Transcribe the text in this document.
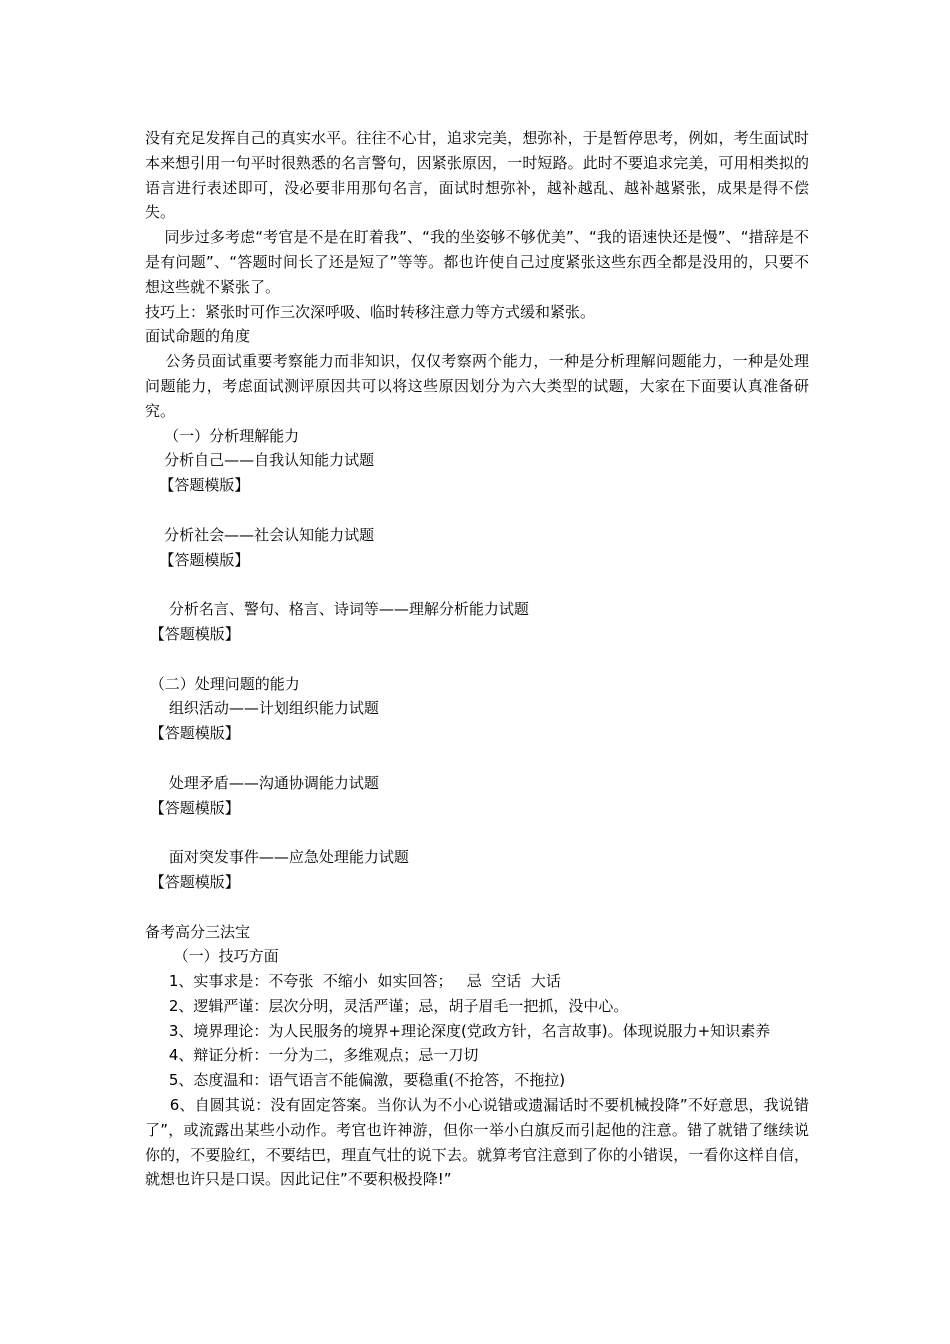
没有充足发挥自己的真实水平。往往不心甘，追求完美，想弥补，于是暂停思考，例如，考生面试时本来想引用一句平时很熟悉的名言警句，因紧张原因，一时短路。此时不要追求完美，可用相类拟的语言进行表述即可，没必要非用那句名言，面试时想弥补，越补越乱、越补越紧张，成果是得不偿失。

同步过多考虑“考官是不是在盯着我”、“我的坐姿够不够优美”、“我的语速快还是慢”、“措辞是不是有问题”、“答题时间长了还是短了”等等。都也许使自己过度紧张这些东西全都是没用的，只要不想这些就不紧张了。

技巧上：紧张时可作三次深呼吸、临时转移注意力等方式缓和紧张。

面试命题的角度

公务员面试重要考察能力而非知识，仅仅考察两个能力，一种是分析理解问题能力，一种是处理问题能力，考虑面试测评原因共可以将这些原因划分为六大类型的试题，大家在下面要认真准备研究。

（一）分析理解能力

分析自己——自我认知能力试题

【答题模版】

分析社会——社会认知能力试题

【答题模版】

分析名言、警句、格言、诗词等——理解分析能力试题

【答题模版】

（二）处理问题的能力

组织活动——计划组织能力试题

【答题模版】

处理矛盾——沟通协调能力试题

【答题模版】

面对突发事件——应急处理能力试题

【答题模版】

备考高分三法宝

（一）技巧方面

1、实事求是：不夸张  不缩小  如实回答；   忌  空话  大话

2、逻辑严谨：层次分明，灵活严谨；忌，胡子眉毛一把抓，没中心。

3、境界理论：为人民服务的境界+理论深度(党政方针，名言故事)。体现说服力+知识素养

4、辩证分析：一分为二，多维观点；忌一刀切

5、态度温和：语气语言不能偏激，要稳重(不抢答，不拖拉)

6、自圆其说：没有固定答案。当你认为不小心说错或遗漏话时不要机械投降”不好意思，我说错了”，或流露出某些小动作。考官也许神游，但你一举小白旗反而引起他的注意。错了就错了继续说你的，不要脸红，不要结巴，理直气壮的说下去。就算考官注意到了你的小错误，一看你这样自信，就想也许只是口误。因此记住”不要积极投降!”
